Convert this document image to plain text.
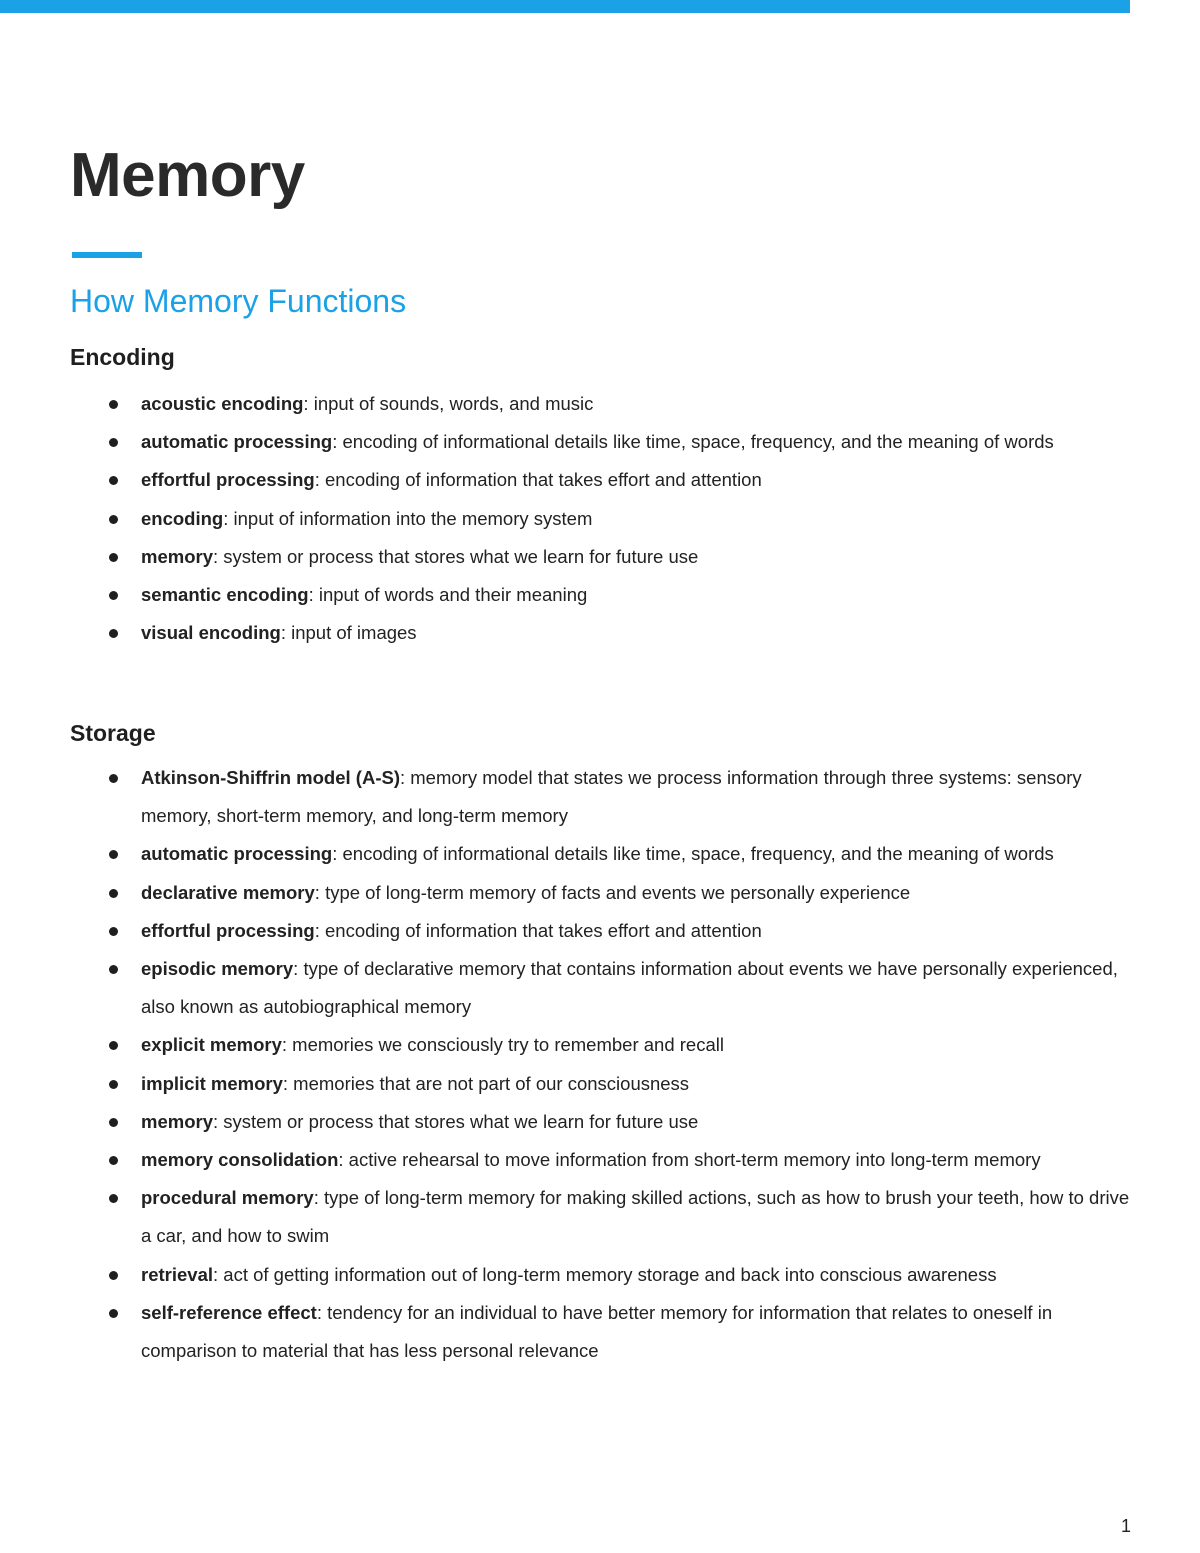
Memory
How Memory Functions
Encoding
acoustic encoding: input of sounds, words, and music
automatic processing: encoding of informational details like time, space, frequency, and the meaning of words
effortful processing: encoding of information that takes effort and attention
encoding: input of information into the memory system
memory: system or process that stores what we learn for future use
semantic encoding: input of words and their meaning
visual encoding: input of images
Storage
Atkinson-Shiffrin model (A-S): memory model that states we process information through three systems: sensory memory, short-term memory, and long-term memory
automatic processing: encoding of informational details like time, space, frequency, and the meaning of words
declarative memory: type of long-term memory of facts and events we personally experience
effortful processing: encoding of information that takes effort and attention
episodic memory: type of declarative memory that contains information about events we have personally experienced, also known as autobiographical memory
explicit memory: memories we consciously try to remember and recall
implicit memory: memories that are not part of our consciousness
memory: system or process that stores what we learn for future use
memory consolidation: active rehearsal to move information from short-term memory into long-term memory
procedural memory: type of long-term memory for making skilled actions, such as how to brush your teeth, how to drive a car, and how to swim
retrieval: act of getting information out of long-term memory storage and back into conscious awareness
self-reference effect: tendency for an individual to have better memory for information that relates to oneself in comparison to material that has less personal relevance
1
